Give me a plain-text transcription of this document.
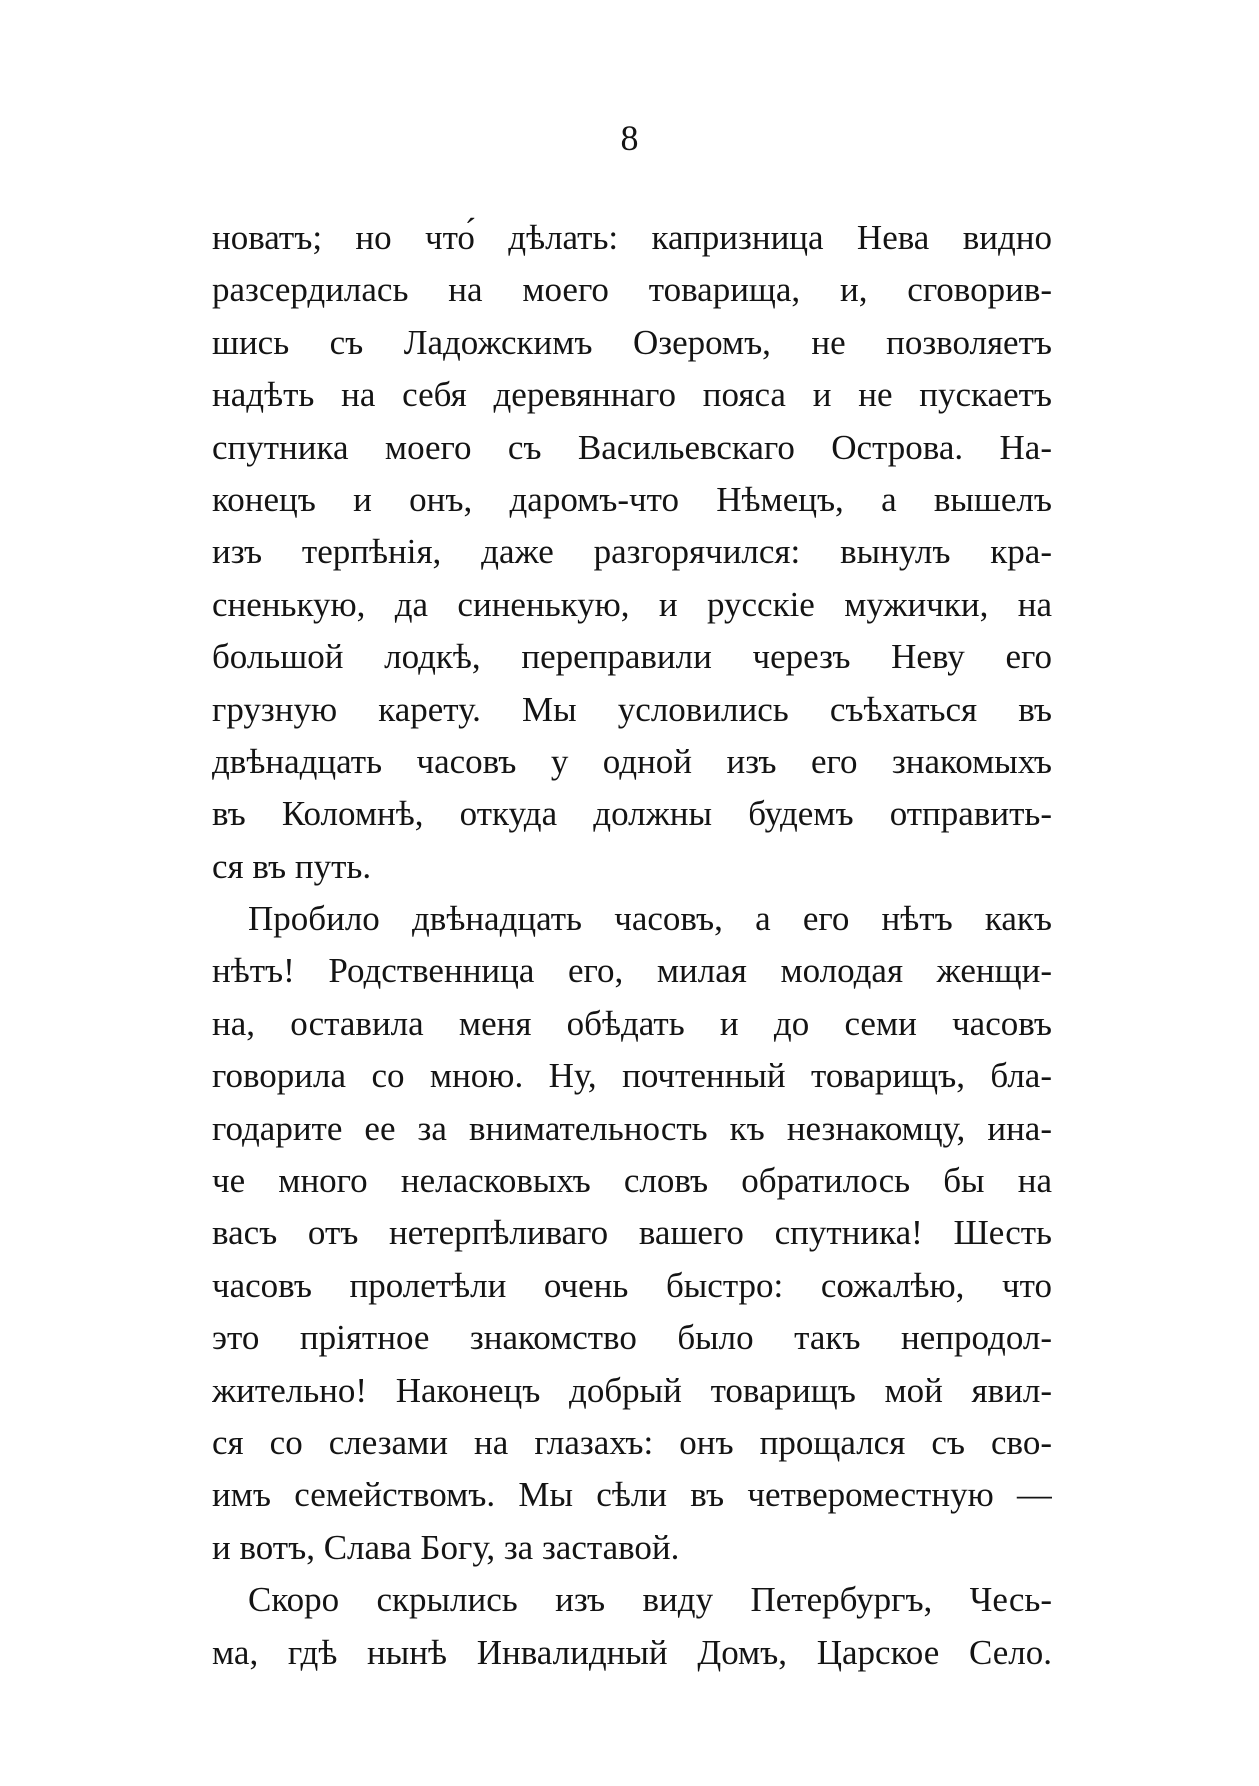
8
новатъ; но что́ дѣлать: капризница Нева видно
разсердилась на моего товарища, и, сговорив-
шись съ Ладожскимъ Озеромъ, не позволяетъ
надѣть на себя деревяннаго пояса и не пускаетъ
спутника моего съ Васильевскаго Острова. На-
конецъ и онъ, даромъ-что Нѣмецъ, а вышелъ
изъ терпѣнія, даже разгорячился: вынулъ кра-
сненькую, да синенькую, и русскіе мужички, на
большой лодкѣ, переправили черезъ Неву его
грузную карету. Мы условились съѣхаться въ
двѣнадцать часовъ у одной изъ его знакомыхъ
въ Коломнѣ, откуда должны будемъ отправить-
ся въ путь.
Пробило двѣнадцать часовъ, а его нѣтъ какъ
нѣтъ! Родственница его, милая молодая женщи-
на, оставила меня обѣдать и до семи часовъ
говорила со мною. Ну, почтенный товарищъ, бла-
годарите ее за внимательность къ незнакомцу, ина-
че много неласковыхъ словъ обратилось бы на
васъ отъ нетерпѣливаго вашего спутника! Шесть
часовъ пролетѣли очень быстро: сожалѣю, что
это пріятное знакомство было такъ непродол-
жительно! Наконецъ добрый товарищъ мой явил-
ся со слезами на глазахъ: онъ прощался съ сво-
имъ семействомъ. Мы сѣли въ четвероместную —
и вотъ, Слава Богу, за заставой.
Скоро скрылись изъ виду Петербургъ, Чесь-
ма, гдѣ нынѣ Инвалидный Домъ, Царское Село.
